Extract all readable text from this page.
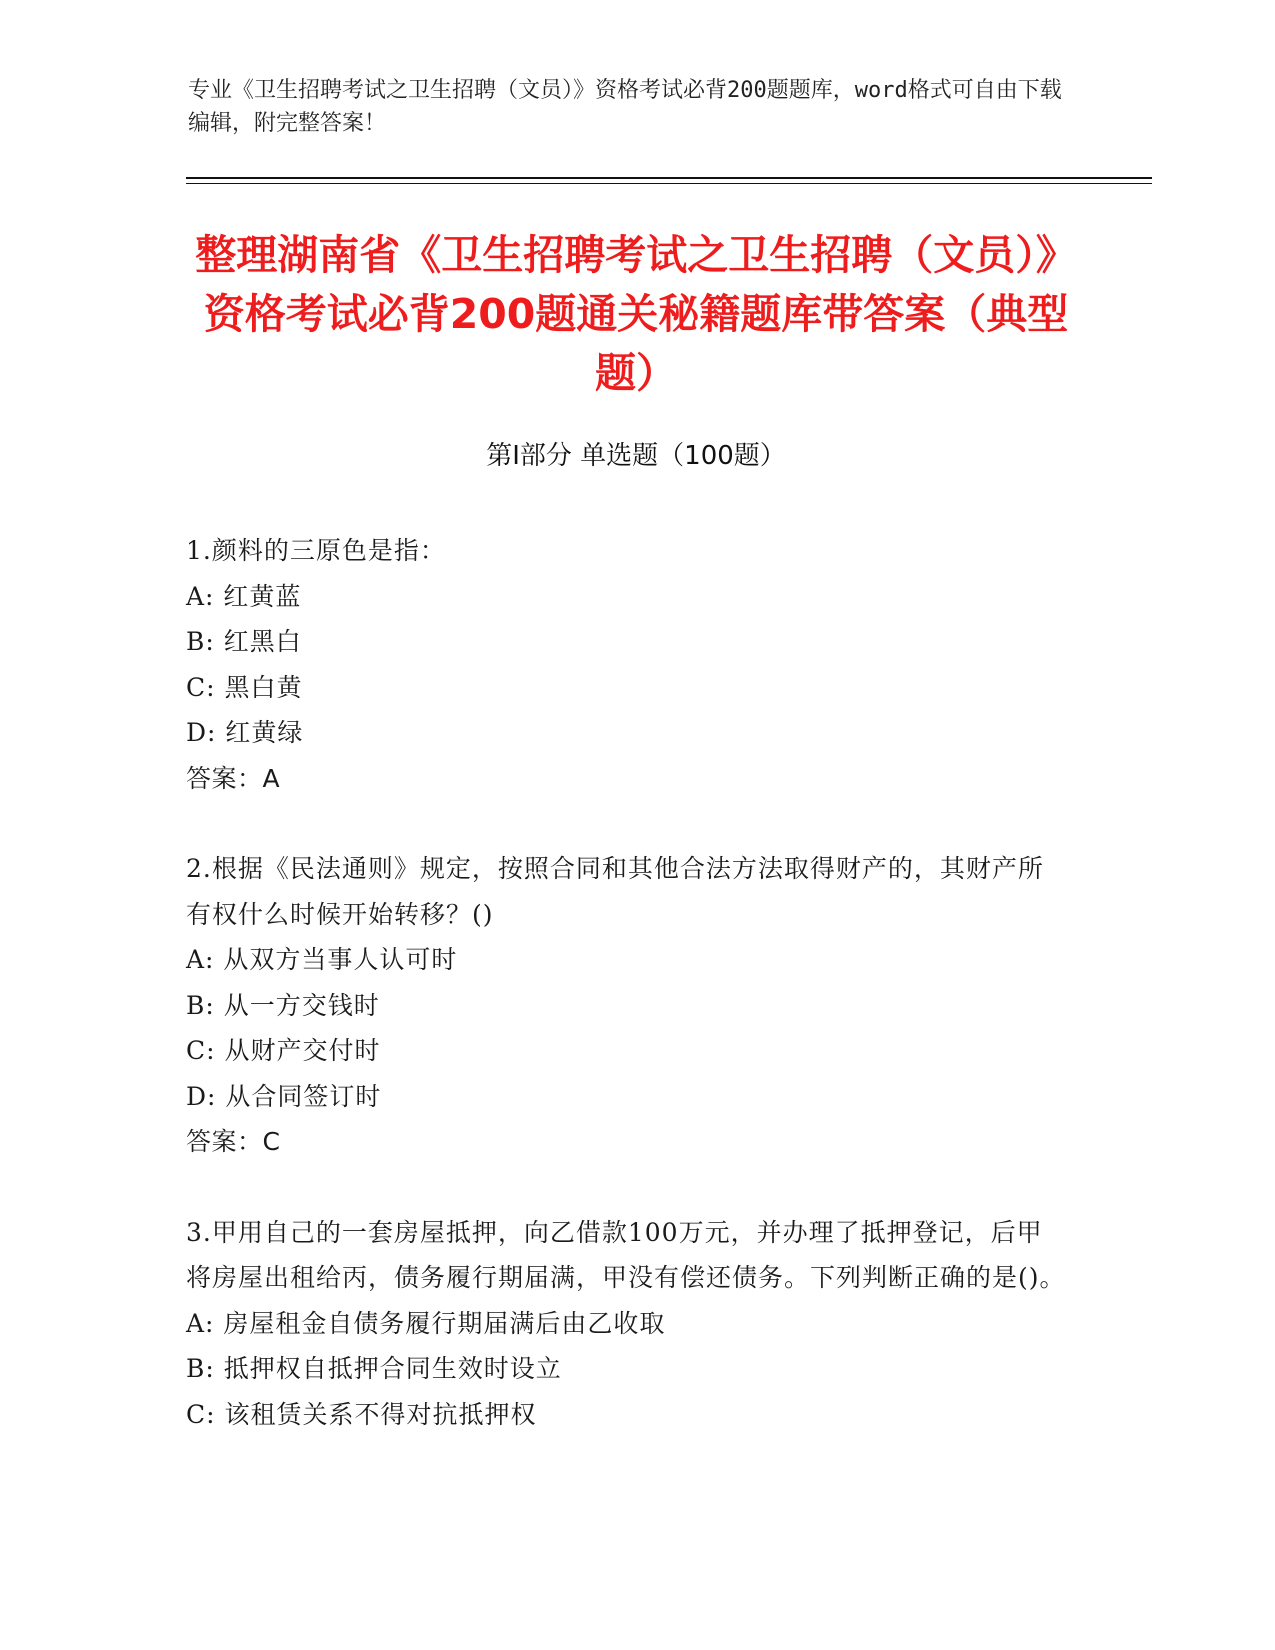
专业《卫生招聘考试之卫生招聘（文员）》资格考试必背200题题库，word格式可自由下载编辑，附完整答案！
整理湖南省《卫生招聘考试之卫生招聘（文员）》资格考试必背200题通关秘籍题库带答案（典型题）
第Ⅰ部分 单选题（100题）
1.颜料的三原色是指：
A: 红黄蓝
B: 红黑白
C: 黑白黄
D: 红黄绿
答案：A
2.根据《民法通则》规定，按照合同和其他合法方法取得财产的，其财产所有权什么时候开始转移？()
A: 从双方当事人认可时
B: 从一方交钱时
C: 从财产交付时
D: 从合同签订时
答案：C
3.甲用自己的一套房屋抵押，向乙借款100万元，并办理了抵押登记，后甲将房屋出租给丙，债务履行期届满，甲没有偿还债务。下列判断正确的是()。
A: 房屋租金自债务履行期届满后由乙收取
B: 抵押权自抵押合同生效时设立
C: 该租赁关系不得对抗抵押权
